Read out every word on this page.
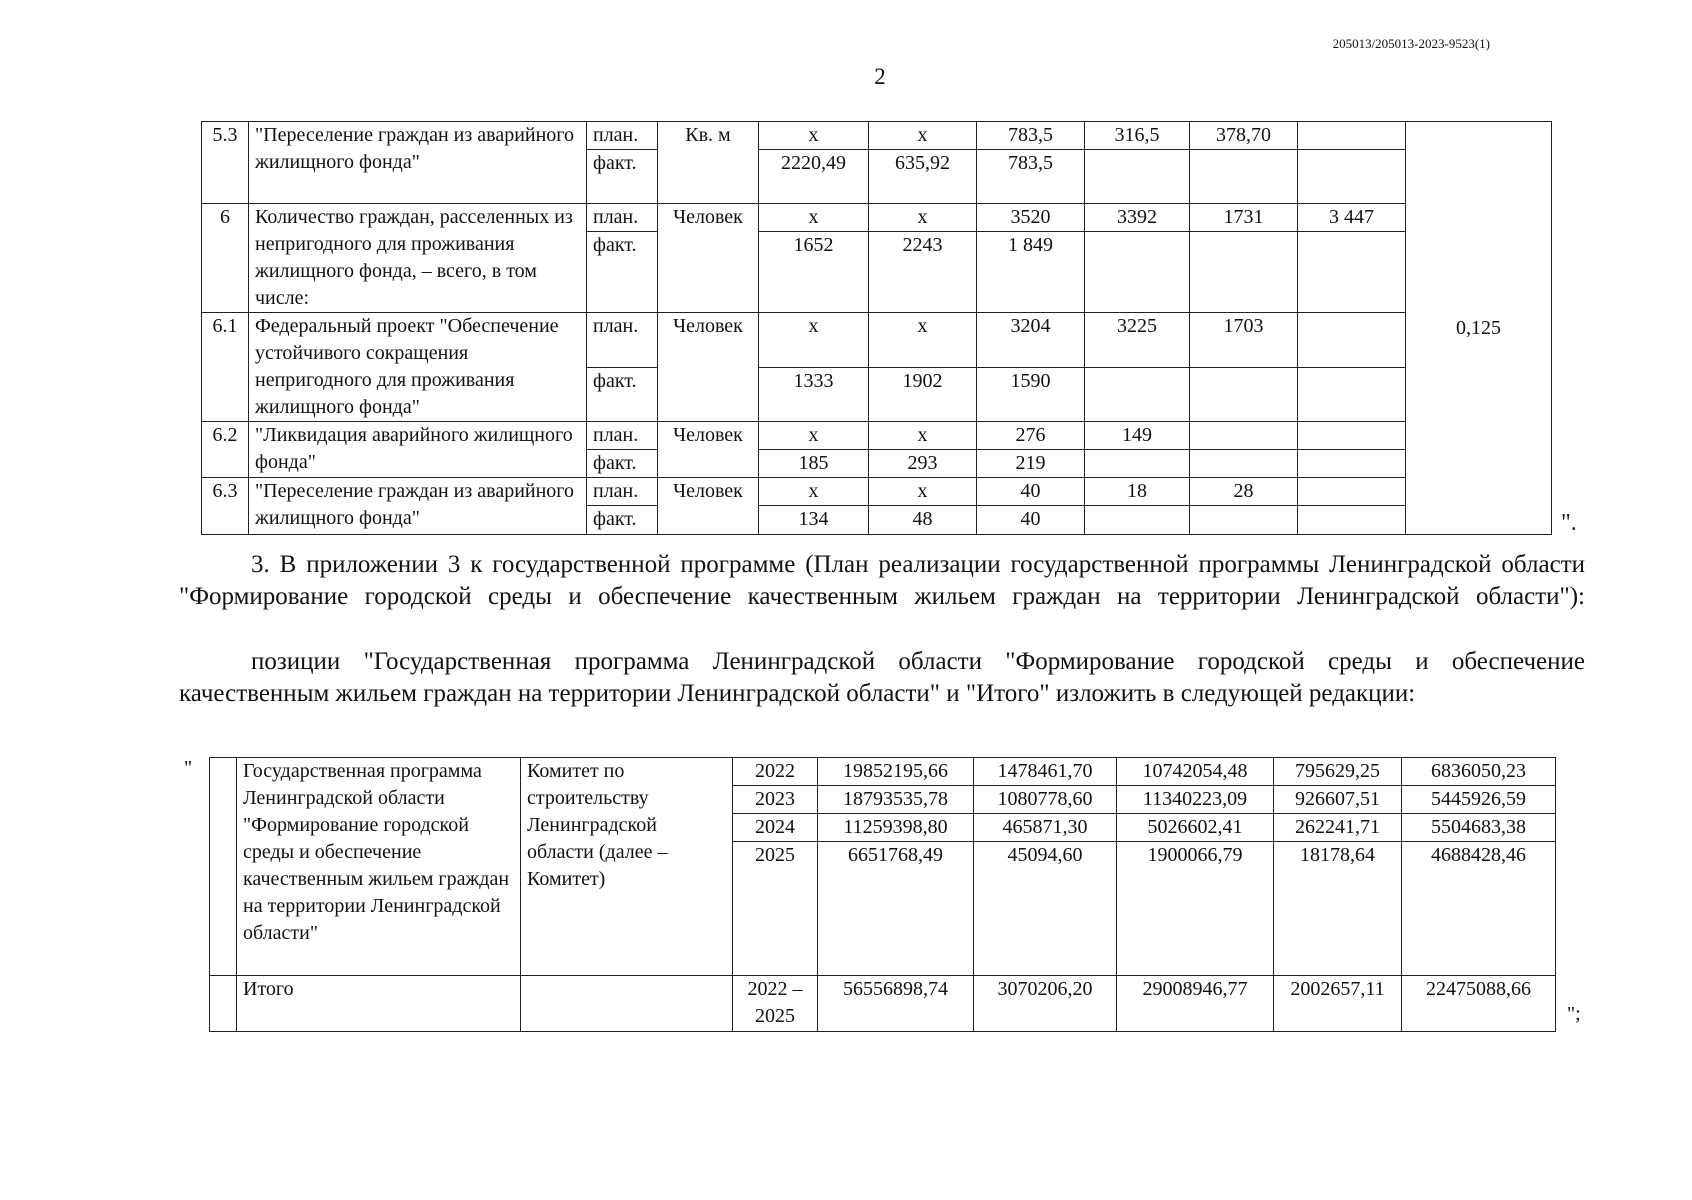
205013/205013-2023-9523(1)
2
5.3	"Переселение граждан из аварийного жилищного фонда"	план.	Кв. м	х	х	783,5	316,5	378,70		0,125
		факт.		2220,49	635,92	783,5				
6	Количество граждан, расселенных из непригодного для проживания жилищного фонда, – всего, в том числе:	план.	Человек	х	х	3520	3392	1731	3 447	
		факт.		1652	2243	1 849				
6.1	Федеральный проект "Обеспечение устойчивого сокращения непригодного для проживания жилищного фонда"	план.	Человек	х	х	3204	3225	1703		
		факт.		1333	1902	1590				
6.2	"Ликвидация аварийного жилищного фонда"	план.	Человек	х	х	276	149			
		факт.		185	293	219				
6.3	"Переселение граждан из аварийного жилищного фонда"	план.	Человек	х	х	40	18	28		
		факт.		134	48	40					".
3. В приложении 3 к государственной программе (План реализации государственной программы Ленинградской области "Формирование городской среды и обеспечение качественным жильем граждан на территории Ленинградской области"):
позиции "Государственная программа Ленинградской области "Формирование городской среды и обеспечение качественным жильем граждан на территории Ленинградской области" и "Итого" изложить в следующей редакции:
"
		Государственная программа Ленинградской области "Формирование городской среды и обеспечение качественным жильем граждан на территории Ленинградской области"	Комитет по строительству Ленинградской области (далее – Комитет)	2022	19852195,66	1478461,70	10742054,48	795629,25	6836050,23
			2023	18793535,78	1080778,60	11340223,09	926607,51	5445926,59
			2024	11259398,80	465871,30	5026602,41	262241,71	5504683,38
			2025	6651768,49	45094,60	1900066,79	18178,64	4688428,46
	Итого		2022 – 2025	56556898,74	3070206,20	29008946,77	2002657,11	22475088,66
";
